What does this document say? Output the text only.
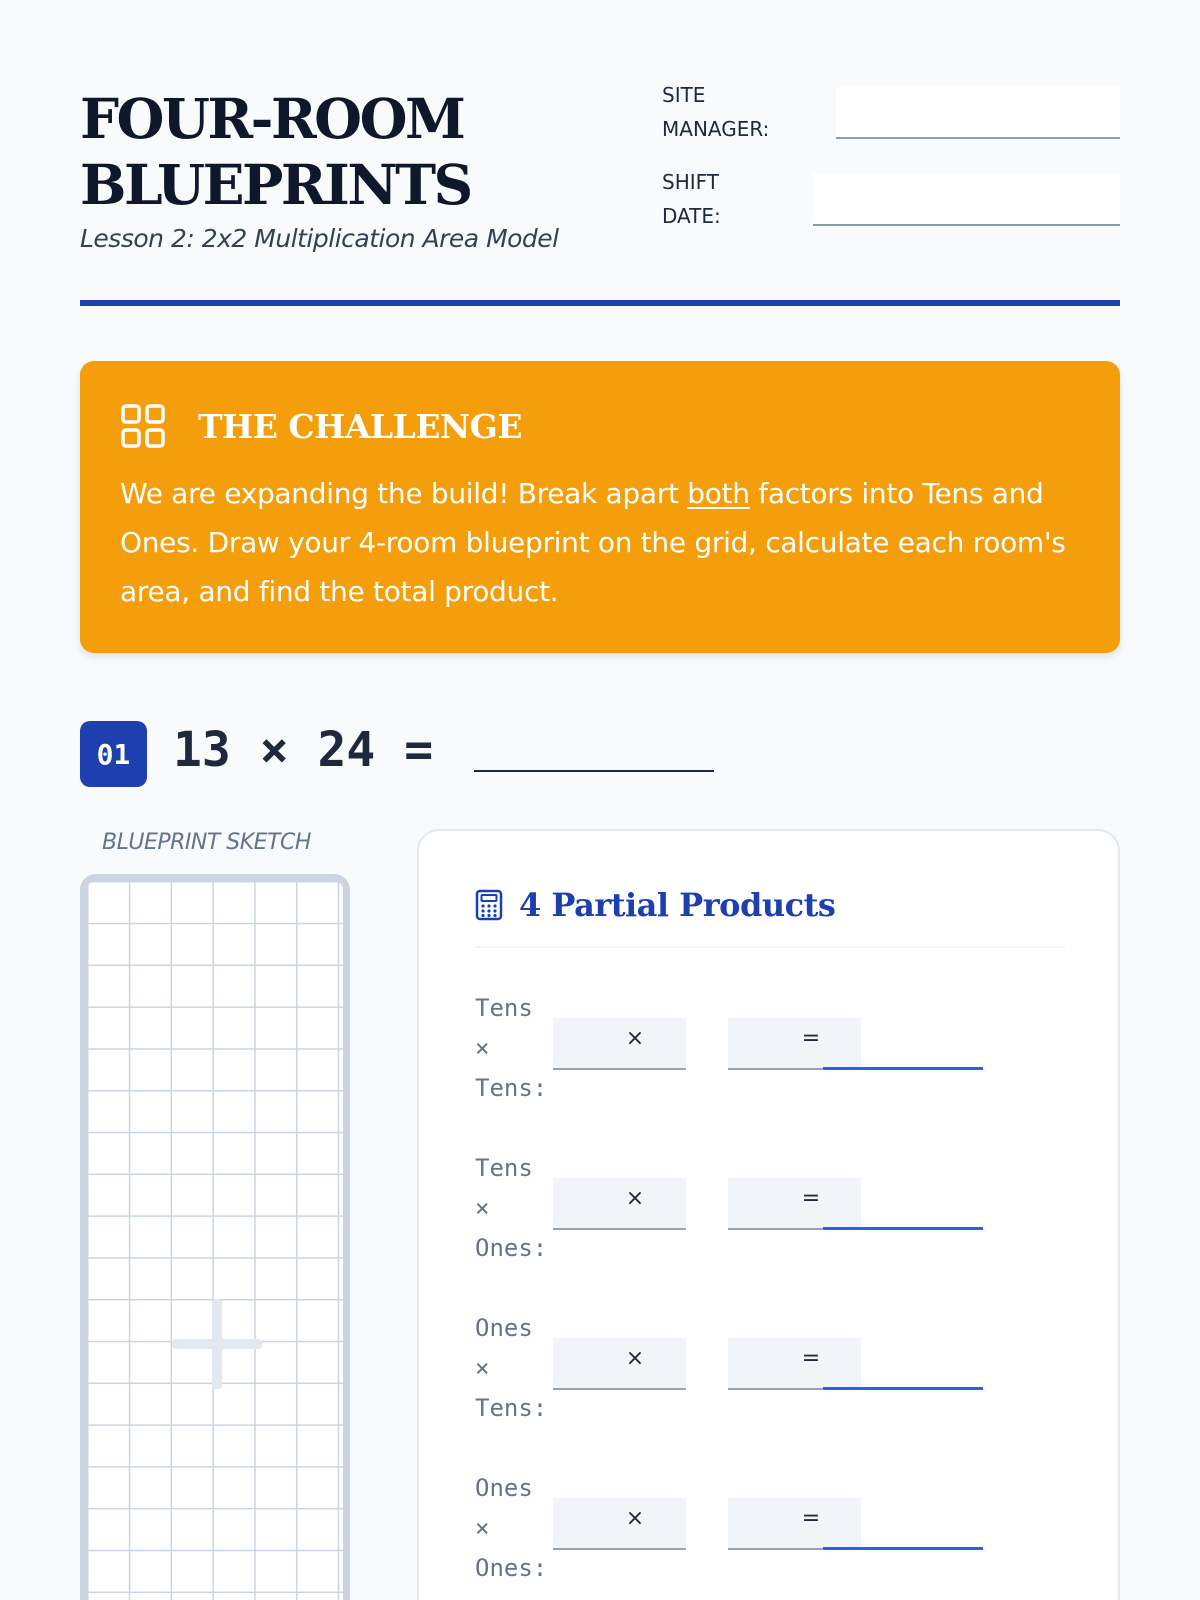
FOUR-ROOM
BLUEPRINTS
Lesson 2: 2x2 Multiplication Area Model
SITE
MANAGER:
SHIFT
DATE:
THE CHALLENGE
We are expanding the build! Break apart both factors into Tens and Ones. Draw your 4-room blueprint on the grid, calculate each room's area, and find the total product.
01 13 × 24 =
BLUEPRINT SKETCH
4 Partial Products
Tens
×
Tens:
×	=
Tens
×
Ones:
×	=
Ones
×
Tens:
×	=
Ones
×
Ones:
×	=
